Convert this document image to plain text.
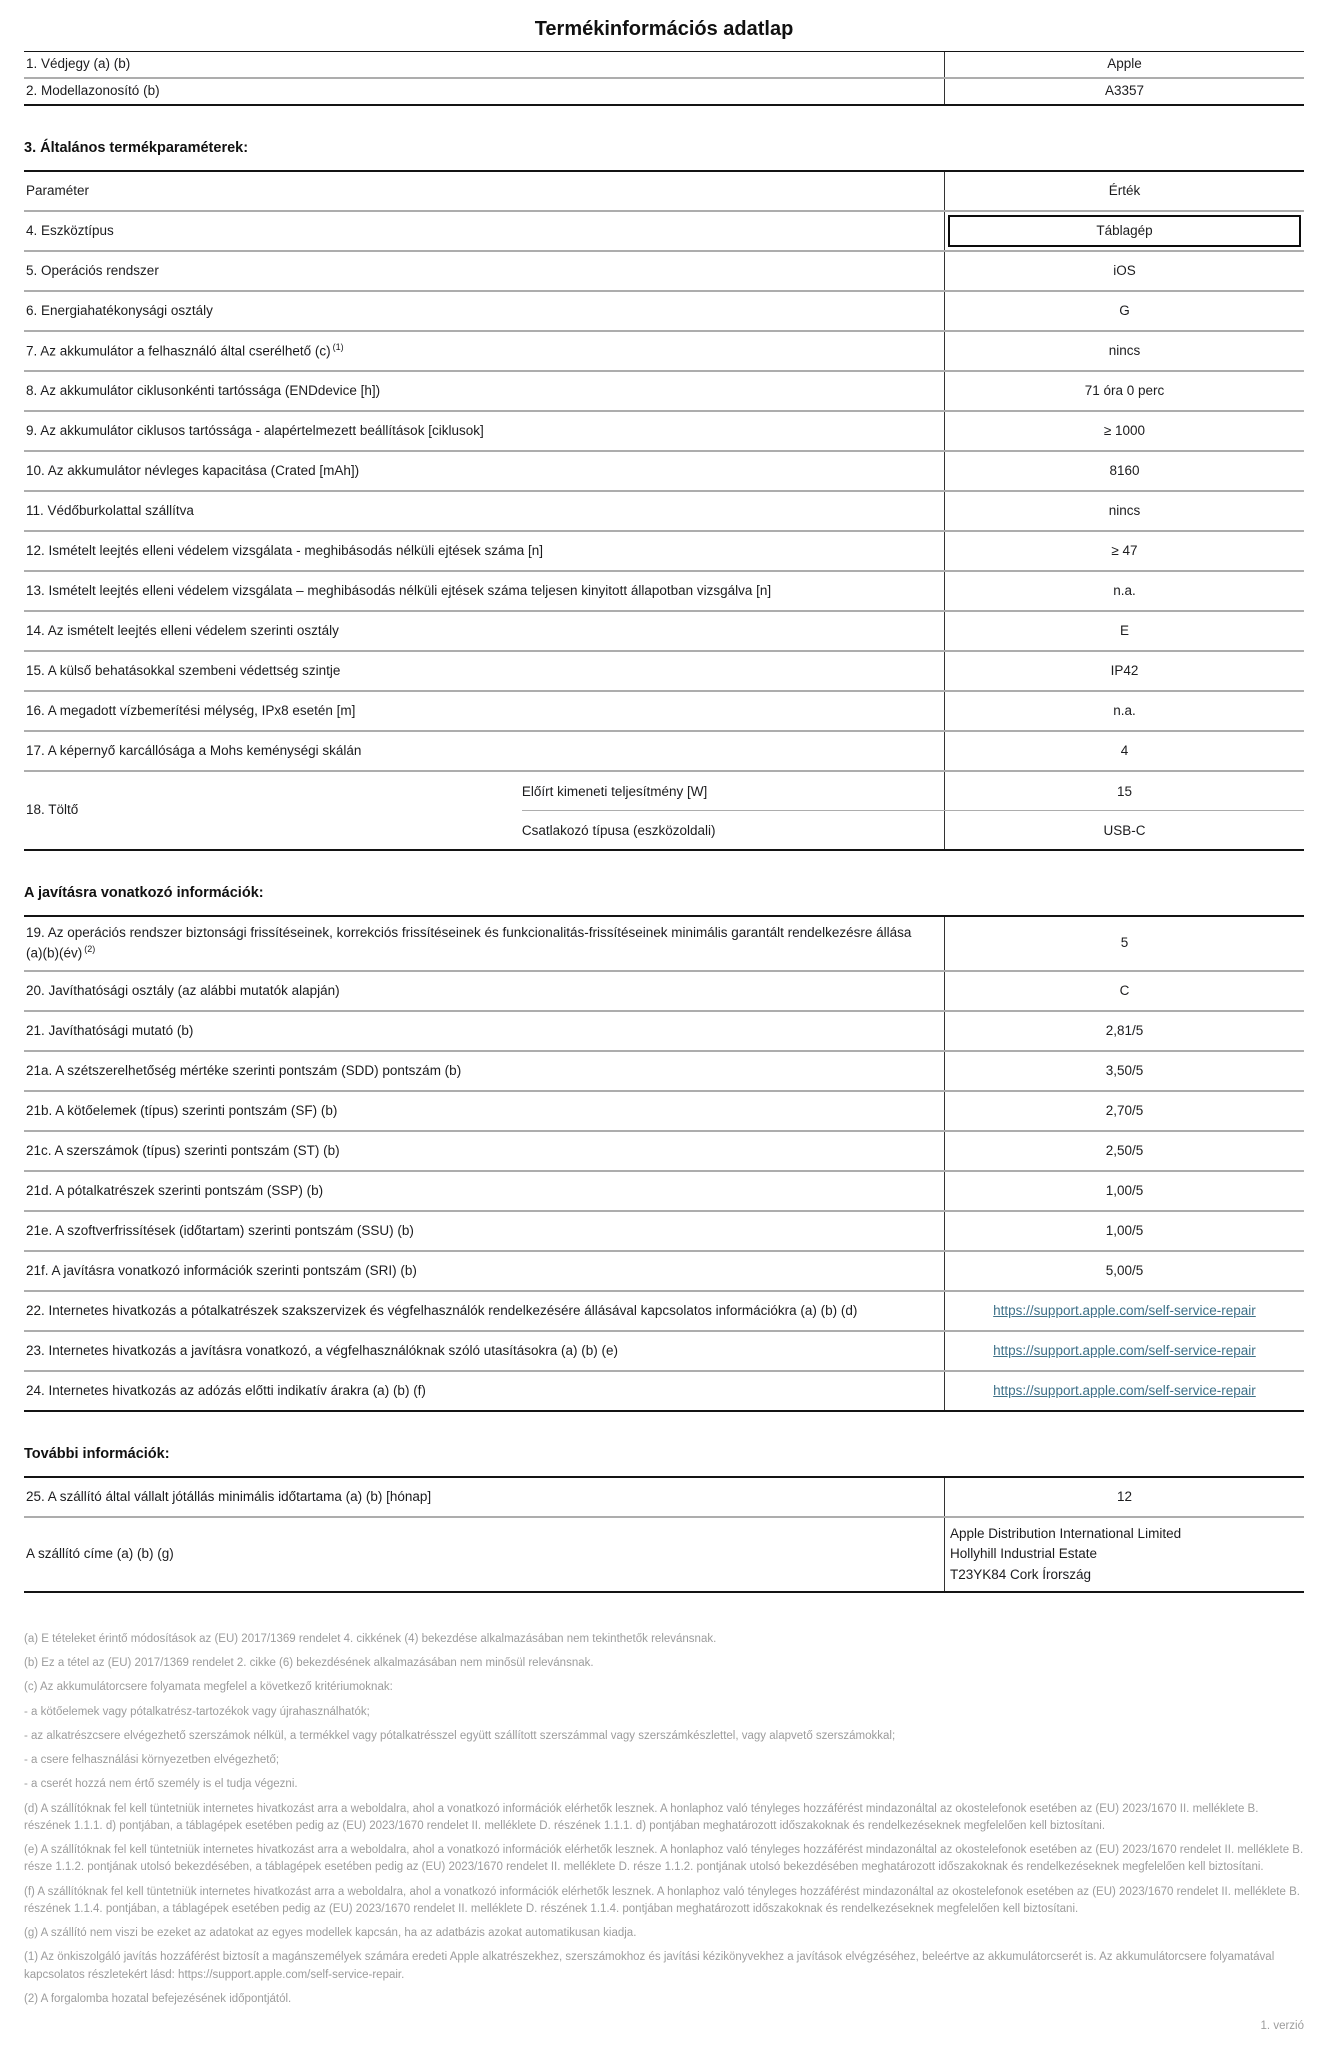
Termékinformációs adatlap
1. Védjegy (a) (b)	Apple
2. Modellazonosító (b)	A3357
3. Általános termékparaméterek:
Paraméter	Érték
4. Eszköztípus	Táblagép
5. Operációs rendszer	iOS
6. Energiahatékonysági osztály	G
7. Az akkumulátor a felhasználó által cserélhető (c) $^{(1)}$	nincs
8. Az akkumulátor ciklusonkénti tartóssága (ENDdevice [h])	71 óra 0 perc
9. Az akkumulátor ciklusos tartóssága - alapértelmezett beállítások [ciklusok]	≥ 1000
10. Az akkumulátor névleges kapacitása (Crated [mAh])	8160
11. Védőburkolattal szállítva	nincs
12. Ismételt leejtés elleni védelem vizsgálata - meghibásodás nélküli ejtések száma [n]	≥ 47
13. Ismételt leejtés elleni védelem vizsgálata – meghibásodás nélküli ejtések száma teljesen kinyitott állapotban vizsgálva [n]	n.a.
14. Az ismételt leejtés elleni védelem szerinti osztály	E
15. A külső behatásokkal szembeni védettség szintje	IP42
16. A megadott vízbemerítési mélység, IPx8 esetén [m]	n.a.
17. A képernyő karcállósága a Mohs keménységi skálán	4
18. Töltő
Előírt kimeneti teljesítmény [W]	15
Csatlakozó típusa (eszközoldali)	USB-C
A javításra vonatkozó információk:
19. Az operációs rendszer biztonsági frissítéseinek, korrekciós frissítéseinek és funkcionalitás-frissítéseinek minimális garantált rendelkezésre állása (a)(b)(év) $^{(2)}$	5
20. Javíthatósági osztály (az alábbi mutatók alapján)	C
21. Javíthatósági mutató (b)	2,81/5
21a. A szétszerelhetőség mértéke szerinti pontszám (SDD) pontszám (b)	3,50/5
21b. A kötőelemek (típus) szerinti pontszám (SF) (b)	2,70/5
21c. A szerszámok (típus) szerinti pontszám (ST) (b)	2,50/5
21d. A pótalkatrészek szerinti pontszám (SSP) (b)	1,00/5
21e. A szoftverfrissítések (időtartam) szerinti pontszám (SSU) (b)	1,00/5
21f. A javításra vonatkozó információk szerinti pontszám (SRI) (b)	5,00/5
22. Internetes hivatkozás a pótalkatrészek szakszervizek és végfelhasználók rendelkezésére állásával kapcsolatos információkra (a) (b) (d)	https://support.apple.com/self-service-repair
23. Internetes hivatkozás a javításra vonatkozó, a végfelhasználóknak szóló utasításokra (a) (b) (e)	https://support.apple.com/self-service-repair
24. Internetes hivatkozás az adózás előtti indikatív árakra (a) (b) (f)	https://support.apple.com/self-service-repair
További információk:
25. A szállító által vállalt jótállás minimális időtartama (a) (b) [hónap]	12
A szállító címe (a) (b) (g)
Apple Distribution International Limited
Hollyhill Industrial Estate
T23YK84 Cork Írország

(a) E tételeket érintő módosítások az (EU) 2017/1369 rendelet 4. cikkének (4) bekezdése alkalmazásában nem tekinthetők relevánsnak.

(b) Ez a tétel az (EU) 2017/1369 rendelet 2. cikke (6) bekezdésének alkalmazásában nem minősül relevánsnak.

(c) Az akkumulátorcsere folyamata megfelel a következő kritériumoknak:

- a kötőelemek vagy pótalkatrész-tartozékok vagy újrahasználhatók;

- az alkatrészcsere elvégezhető szerszámok nélkül, a termékkel vagy pótalkatrésszel együtt szállított szerszámmal vagy szerszámkészlettel, vagy alapvető szerszámokkal;

- a csere felhasználási környezetben elvégezhető;

- a cserét hozzá nem értő személy is el tudja végezni.

(d) A szállítóknak fel kell tüntetniük internetes hivatkozást arra a weboldalra, ahol a vonatkozó információk elérhetők lesznek. A honlaphoz való tényleges hozzáférést mindazonáltal az okostelefonok esetében az (EU) 2023/1670 II. melléklete B. részének 1.1.1. d) pontjában, a táblagépek esetében pedig az (EU) 2023/1670 rendelet II. melléklete D. részének 1.1.1. d) pontjában meghatározott időszakoknak és rendelkezéseknek megfelelően kell biztosítani.

(e) A szállítóknak fel kell tüntetniük internetes hivatkozást arra a weboldalra, ahol a vonatkozó információk elérhetők lesznek. A honlaphoz való tényleges hozzáférést mindazonáltal az okostelefonok esetében az (EU) 2023/1670 rendelet II. melléklete B. része 1.1.2. pontjának utolsó bekezdésében, a táblagépek esetében pedig az (EU) 2023/1670 rendelet II. melléklete D. része 1.1.2. pontjának utolsó bekezdésében meghatározott időszakoknak és rendelkezéseknek megfelelően kell biztosítani.

(f) A szállítóknak fel kell tüntetniük internetes hivatkozást arra a weboldalra, ahol a vonatkozó információk elérhetők lesznek. A honlaphoz való tényleges hozzáférést mindazonáltal az okostelefonok esetében az (EU) 2023/1670 rendelet II. melléklete B. részének 1.1.4. pontjában, a táblagépek esetében pedig az (EU) 2023/1670 rendelet II. melléklete D. részének 1.1.4. pontjában meghatározott időszakoknak és rendelkezéseknek megfelelően kell biztosítani.

(g) A szállító nem viszi be ezeket az adatokat az egyes modellek kapcsán, ha az adatbázis azokat automatikusan kiadja.

(1) Az önkiszolgáló javítás hozzáférést biztosít a magánszemélyek számára eredeti Apple alkatrészekhez, szerszámokhoz és javítási kézikönyvekhez a javítások elvégzéséhez, beleértve az akkumulátorcserét is. Az akkumulátorcsere folyamatával kapcsolatos részletekért lásd: https://support.apple.com/self-service-repair.

(2) A forgalomba hozatal befejezésének időpontjától.

1. verzió
